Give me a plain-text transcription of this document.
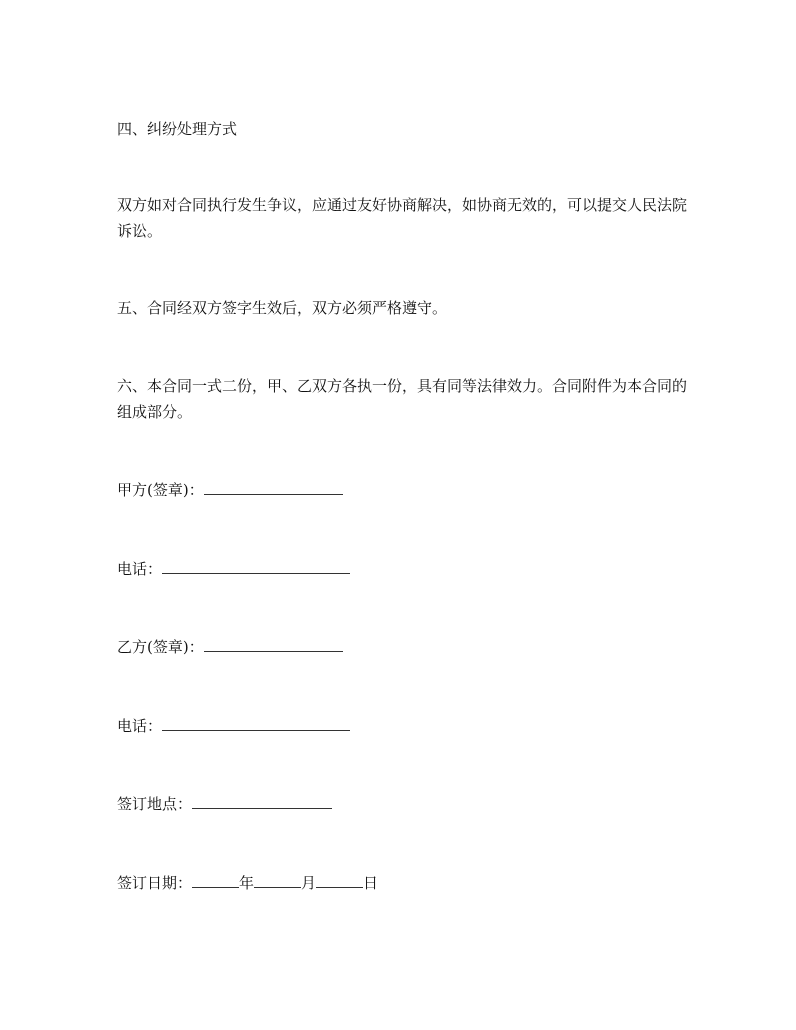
四、纠纷处理方式
双方如对合同执行发生争议，应通过友好协商解决，如协商无效的，可以提交人民法院诉讼。
五、合同经双方签字生效后，双方必须严格遵守。
六、本合同一式二份，甲、乙双方各执一份，具有同等法律效力。合同附件为本合同的组成部分。
甲方(签章)：
电话：
乙方(签章)：
电话：
签订地点：
签订日期：	年	月	日
